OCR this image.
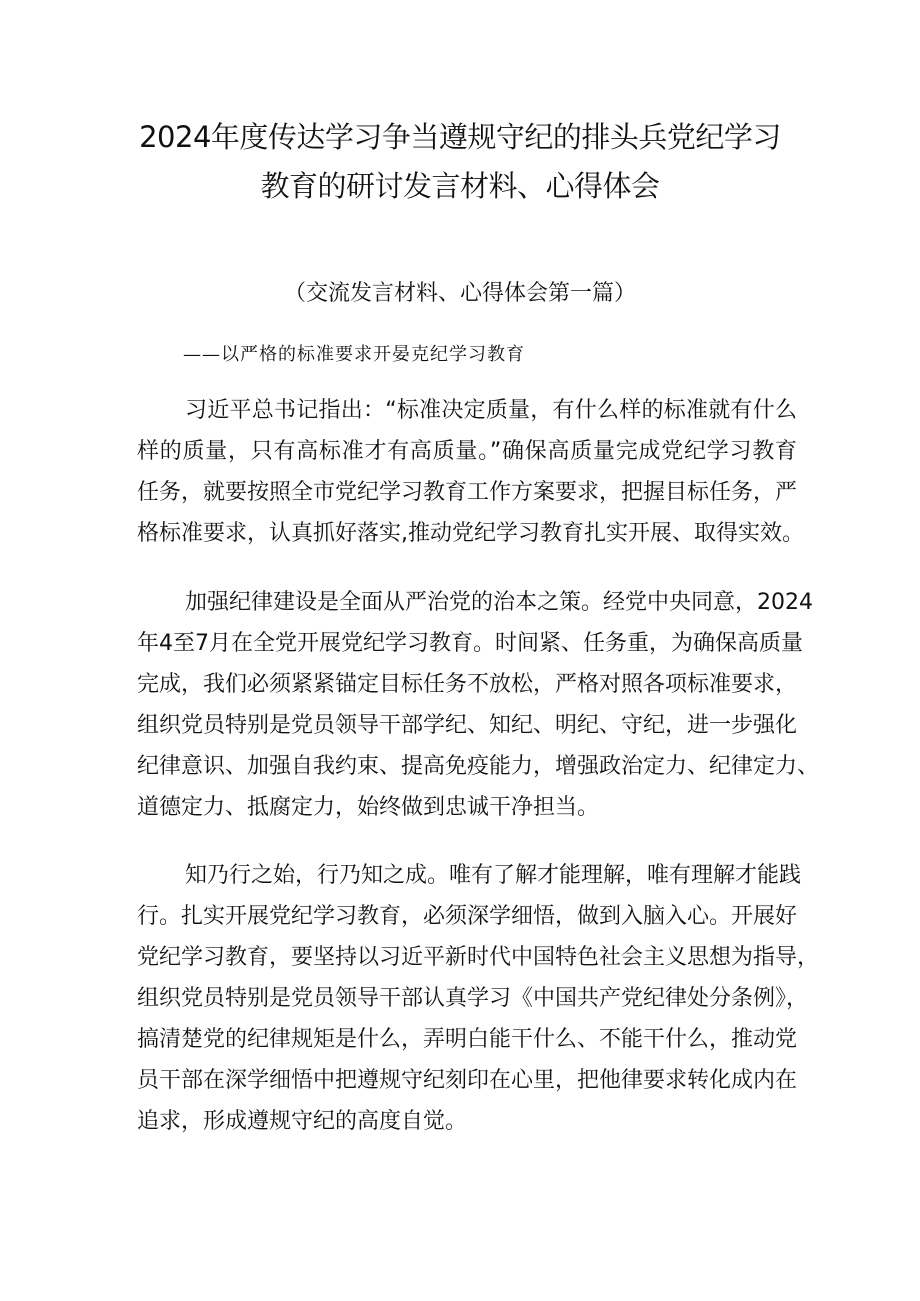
2024年度传达学习争当遵规守纪的排头兵党纪学习
教育的研讨发言材料、心得体会
（交流发言材料、心得体会第一篇）
——以严格的标准要求开晏克纪学习教育
习近平总书记指出：“标准决定质量，有什么样的标准就有什么
样的质量，只有高标准才有高质量。”确保高质量完成党纪学习教育
任务，就要按照全市党纪学习教育工作方案要求，把握目标任务，严
格标准要求，认真抓好落实,推动党纪学习教育扎实开展、取得实效。
加强纪律建设是全面从严治党的治本之策。经党中央同意，2024
年4至7月在全党开展党纪学习教育。时间紧、任务重，为确保高质量
完成，我们必须紧紧锚定目标任务不放松，严格对照各项标准要求，
组织党员特别是党员领导干部学纪、知纪、明纪、守纪，进一步强化
纪律意识、加强自我约束、提高免疫能力，增强政治定力、纪律定力、
道德定力、抵腐定力，始终做到忠诚干净担当。
知乃行之始，行乃知之成。唯有了解才能理解，唯有理解才能践
行。扎实开展党纪学习教育，必须深学细悟，做到入脑入心。开展好
党纪学习教育，要坚持以习近平新时代中国特色社会主义思想为指导，
组织党员特别是党员领导干部认真学习《中国共产党纪律处分条例》，
搞清楚党的纪律规矩是什么，弄明白能干什么、不能干什么，推动党
员干部在深学细悟中把遵规守纪刻印在心里，把他律要求转化成内在
追求，形成遵规守纪的高度自觉。
